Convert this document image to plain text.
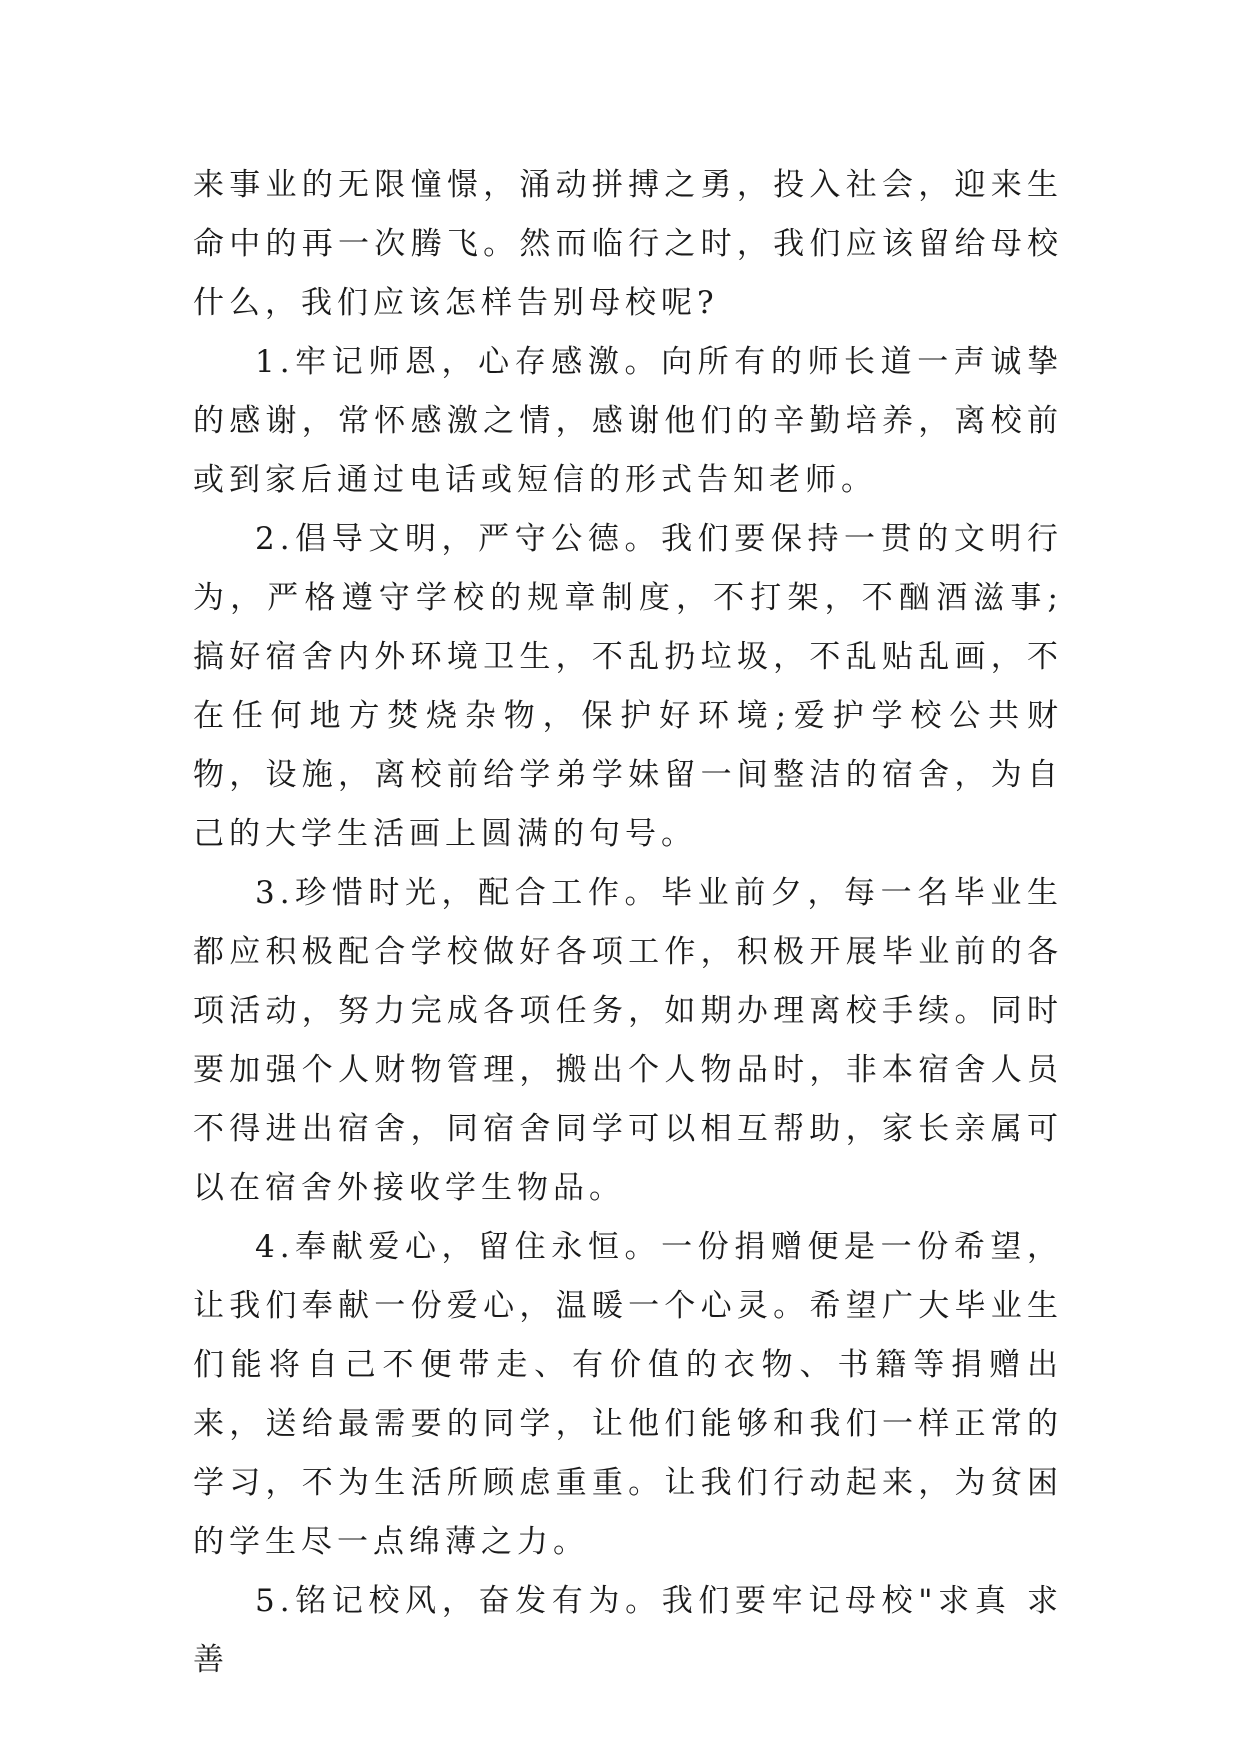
来事业的无限憧憬，涌动拼搏之勇，投入社会，迎来生命中的再一次腾飞。然而临行之时，我们应该留给母校什么，我们应该怎样告别母校呢?

1.牢记师恩，心存感激。向所有的师长道一声诚挚的感谢，常怀感激之情，感谢他们的辛勤培养，离校前或到家后通过电话或短信的形式告知老师。

2.倡导文明，严守公德。我们要保持一贯的文明行为，严格遵守学校的规章制度，不打架，不酗酒滋事;搞好宿舍内外环境卫生，不乱扔垃圾，不乱贴乱画，不在任何地方焚烧杂物，保护好环境;爱护学校公共财物，设施，离校前给学弟学妹留一间整洁的宿舍，为自己的大学生活画上圆满的句号。

3.珍惜时光，配合工作。毕业前夕，每一名毕业生都应积极配合学校做好各项工作，积极开展毕业前的各项活动，努力完成各项任务，如期办理离校手续。同时要加强个人财物管理，搬出个人物品时，非本宿舍人员不得进出宿舍，同宿舍同学可以相互帮助，家长亲属可以在宿舍外接收学生物品。

4.奉献爱心，留住永恒。一份捐赠便是一份希望，让我们奉献一份爱心，温暖一个心灵。希望广大毕业生们能将自己不便带走、有价值的衣物、书籍等捐赠出来，送给最需要的同学，让他们能够和我们一样正常的学习，不为生活所顾虑重重。让我们行动起来，为贫困的学生尽一点绵薄之力。

5.铭记校风，奋发有为。我们要牢记母校"求真 求善
